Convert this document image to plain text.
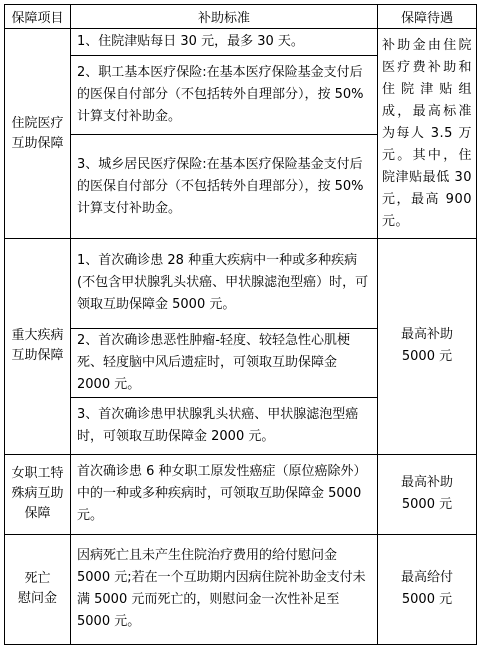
保障项目	补助标准	保障待遇
住院医疗
互助保障	1、住院津贴每日 30 元，最多 30 天。	补助金由住院医疗费补助和住院津贴组成，最高标准为每人 3.5 万元。其中，住院津贴最低 30 元，最高 900 元。
	2、职工基本医疗保险:在基本医疗保险基金支付后的医保自付部分（不包括转外自理部分），按 50% 计算支付补助金。	
	3、城乡居民医疗保险:在基本医疗保险基金支付后的医保自付部分（不包括转外自理部分），按 50% 计算支付补助金。	
重大疾病
互助保障	1、首次确诊患 28 种重大疾病中一种或多种疾病(不包含甲状腺乳头状癌、甲状腺滤泡型癌）时，可领取互助保障金 5000 元。	最高补助
5000 元
	2、首次确诊患恶性肿瘤-轻度、较轻急性心肌梗死、轻度脑中风后遗症时，可领取互助保障金 2000 元。	
	3、首次确诊患甲状腺乳头状癌、甲状腺滤泡型癌时，可领取互助保障金 2000 元。	
女职工特
殊病互助
保障	首次确诊患 6 种女职工原发性癌症（原位癌除外）中的一种或多种疾病时，可领取互助保障金 5000 元。	最高补助
5000 元
死亡
慰问金	因病死亡且未产生住院治疗费用的给付慰问金 5000 元;若在一个互助期内因病住院补助金支付未满 5000 元而死亡的，则慰问金一次性补足至 5000 元。	最高给付
5000 元
